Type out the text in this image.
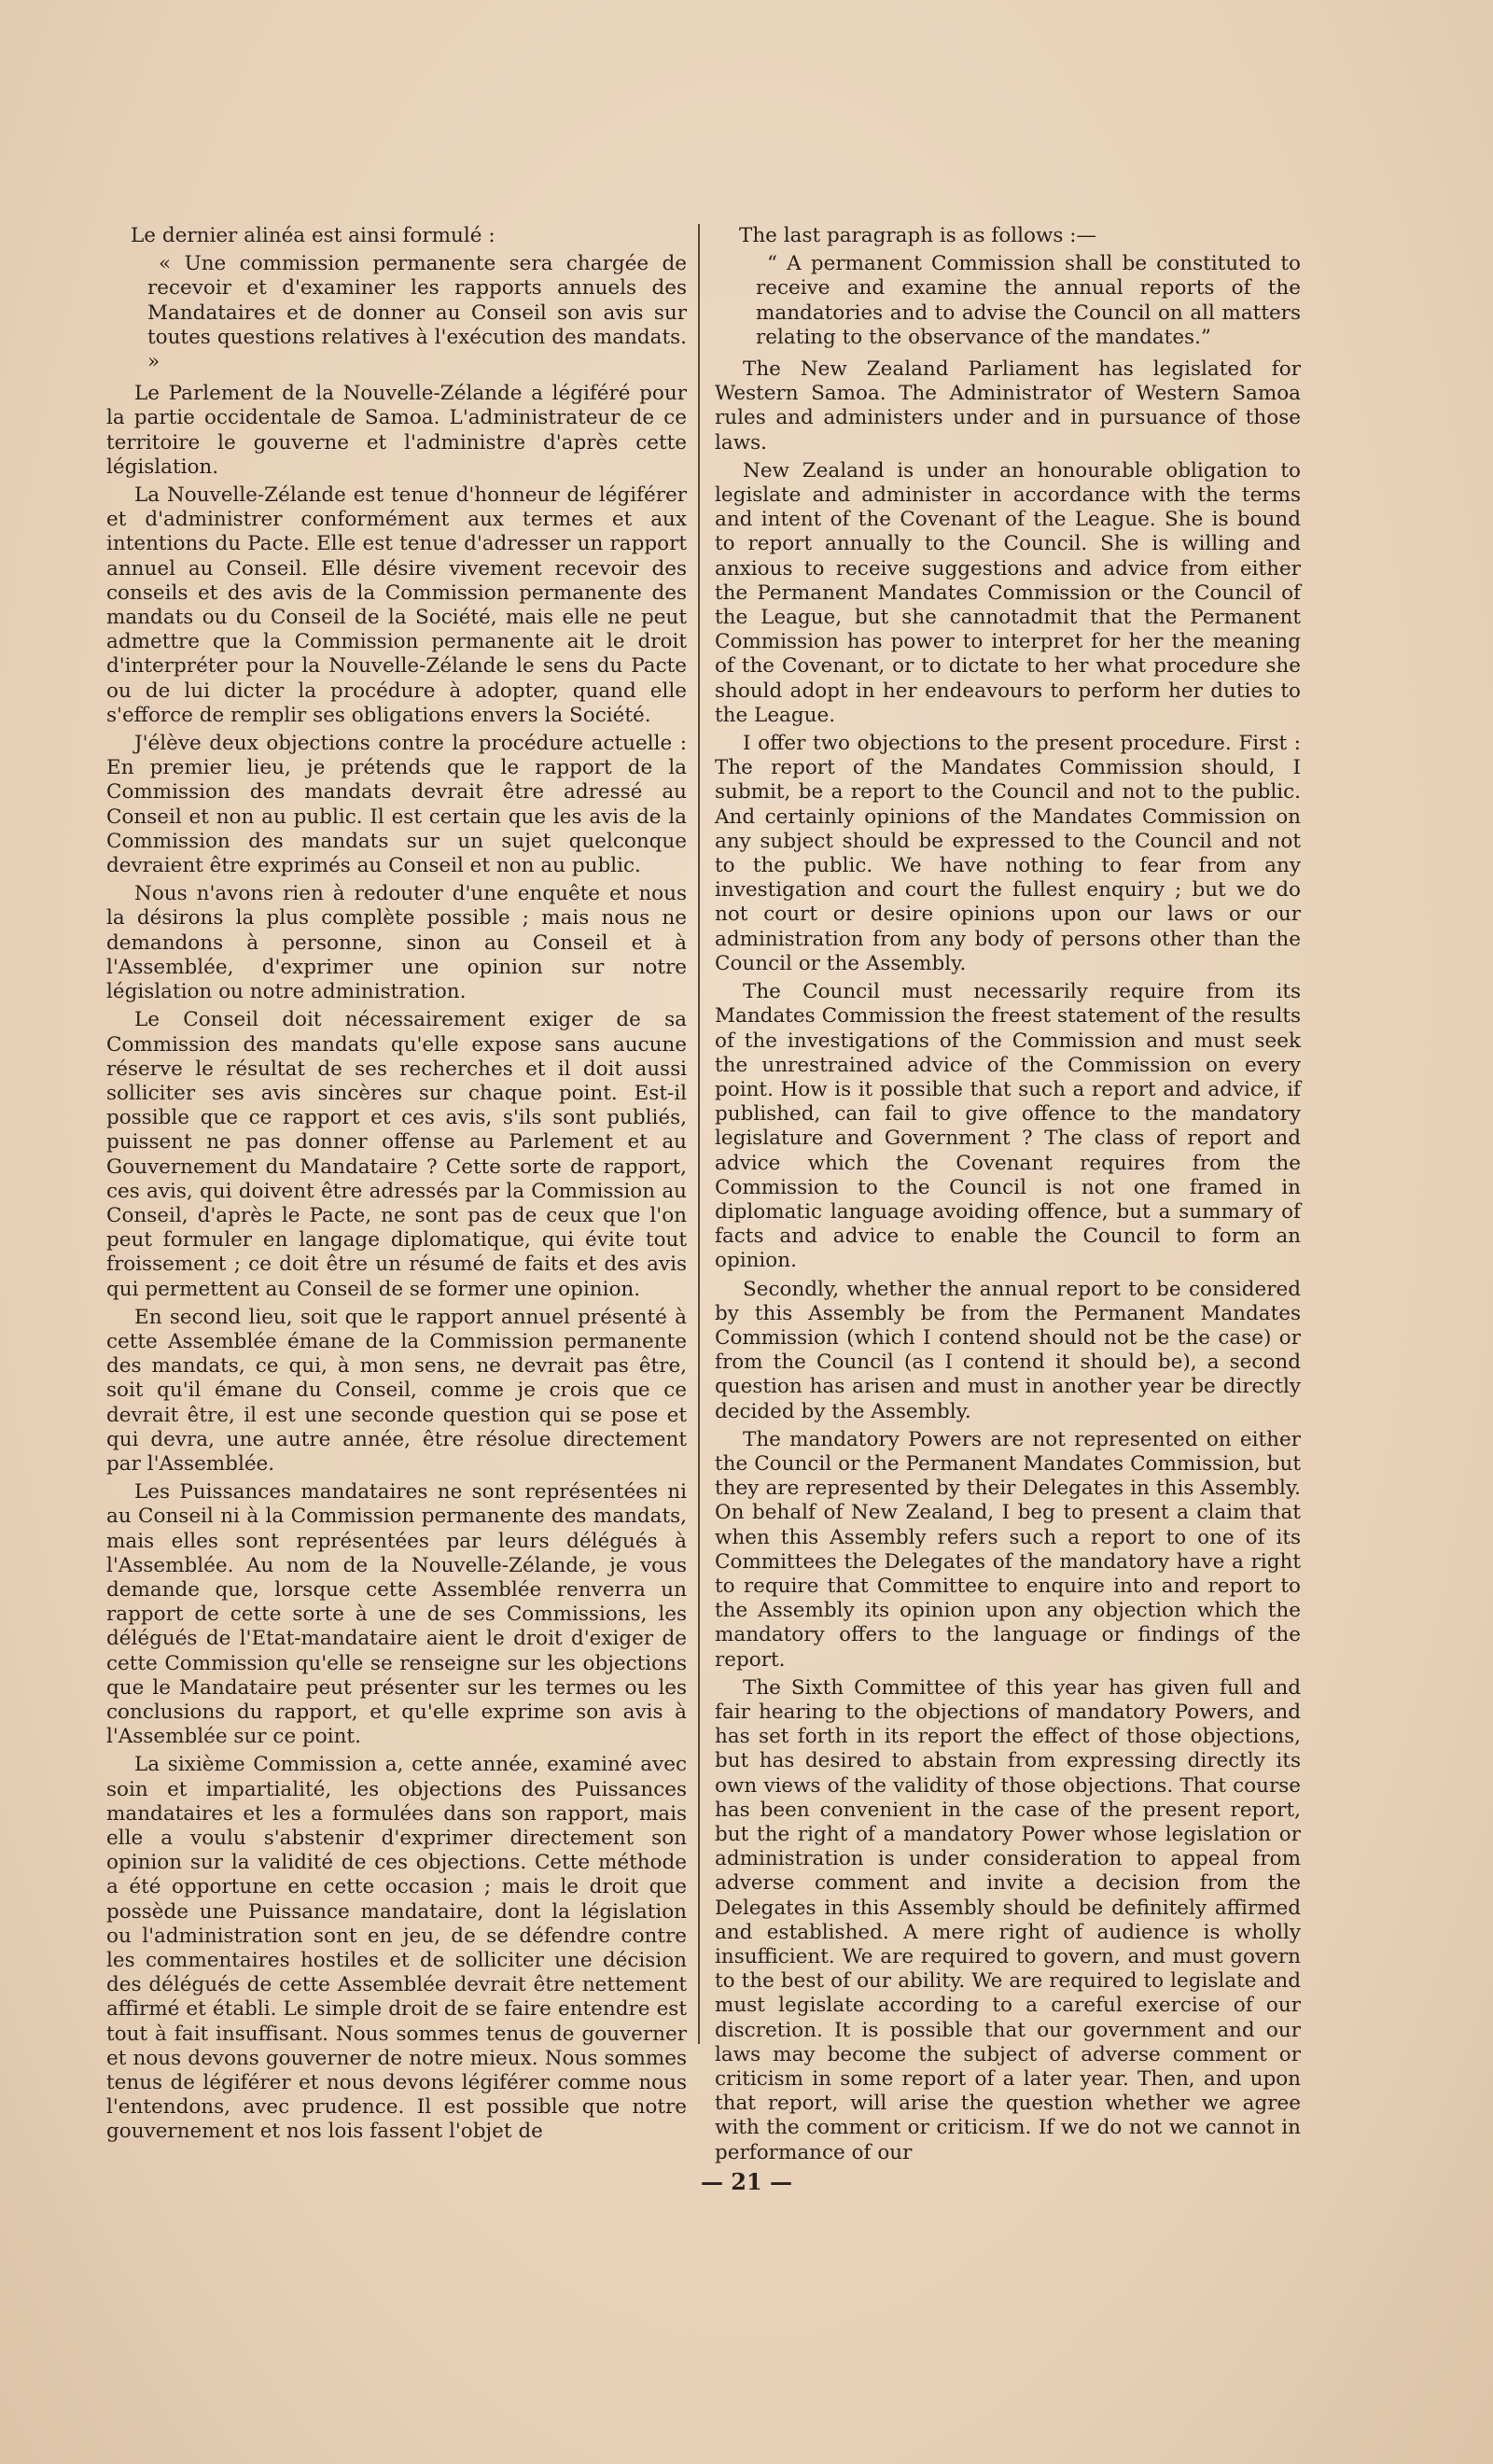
Le dernier alinéa est ainsi formulé :

« Une commission permanente sera chargée de recevoir et d'examiner les rapports annuels des Mandataires et de donner au Conseil son avis sur toutes questions relatives à l'exécution des mandats. »

Le Parlement de la Nouvelle-Zélande a légiféré pour la partie occidentale de Samoa. L'administrateur de ce territoire le gouverne et l'administre d'après cette législation.

La Nouvelle-Zélande est tenue d'honneur de légiférer et d'administrer conformément aux termes et aux intentions du Pacte. Elle est tenue d'adresser un rapport annuel au Conseil. Elle désire vivement recevoir des conseils et des avis de la Commission permanente des mandats ou du Conseil de la Société, mais elle ne peut admettre que la Commission permanente ait le droit d'interpréter pour la Nouvelle-Zélande le sens du Pacte ou de lui dicter la procédure à adopter, quand elle s'efforce de remplir ses obligations envers la Société.

J'élève deux objections contre la procédure actuelle : En premier lieu, je prétends que le rapport de la Commission des mandats devrait être adressé au Conseil et non au public. Il est certain que les avis de la Commission des mandats sur un sujet quelconque devraient être exprimés au Conseil et non au public.

Nous n'avons rien à redouter d'une enquête et nous la désirons la plus complète possible ; mais nous ne demandons à personne, sinon au Conseil et à l'Assemblée, d'exprimer une opinion sur notre législation ou notre administration.

Le Conseil doit nécessairement exiger de sa Commission des mandats qu'elle expose sans aucune réserve le résultat de ses recherches et il doit aussi solliciter ses avis sincères sur chaque point. Est-il possible que ce rapport et ces avis, s'ils sont publiés, puissent ne pas donner offense au Parlement et au Gouvernement du Mandataire ? Cette sorte de rapport, ces avis, qui doivent être adressés par la Commission au Conseil, d'après le Pacte, ne sont pas de ceux que l'on peut formuler en langage diplomatique, qui évite tout froissement ; ce doit être un résumé de faits et des avis qui permettent au Conseil de se former une opinion.

En second lieu, soit que le rapport annuel présenté à cette Assemblée émane de la Commission permanente des mandats, ce qui, à mon sens, ne devrait pas être, soit qu'il émane du Conseil, comme je crois que ce devrait être, il est une seconde question qui se pose et qui devra, une autre année, être résolue directement par l'Assemblée.

Les Puissances mandataires ne sont représentées ni au Conseil ni à la Commission permanente des mandats, mais elles sont représentées par leurs délégués à l'Assemblée. Au nom de la Nouvelle-Zélande, je vous demande que, lorsque cette Assemblée renverra un rapport de cette sorte à une de ses Commissions, les délégués de l'Etat-mandataire aient le droit d'exiger de cette Commission qu'elle se renseigne sur les objections que le Mandataire peut présenter sur les termes ou les conclusions du rapport, et qu'elle exprime son avis à l'Assemblée sur ce point.

La sixième Commission a, cette année, examiné avec soin et impartialité, les objections des Puissances mandataires et les a formulées dans son rapport, mais elle a voulu s'abstenir d'exprimer directement son opinion sur la validité de ces objections. Cette méthode a été opportune en cette occasion ; mais le droit que possède une Puissance mandataire, dont la législation ou l'administration sont en jeu, de se défendre contre les commentaires hostiles et de solliciter une décision des délégués de cette Assemblée devrait être nettement affirmé et établi. Le simple droit de se faire entendre est tout à fait insuffisant. Nous sommes tenus de gouverner et nous devons gouverner de notre mieux. Nous sommes tenus de légiférer et nous devons légiférer comme nous l'entendons, avec prudence. Il est possible que notre gouvernement et nos lois fassent l'objet de

The last paragraph is as follows :—

“ A permanent Commission shall be constituted to receive and examine the annual reports of the mandatories and to advise the Council on all matters relating to the observance of the mandates.”

The New Zealand Parliament has legislated for Western Samoa. The Administrator of Western Samoa rules and administers under and in pursuance of those laws.

New Zealand is under an honourable obligation to legislate and administer in accordance with the terms and intent of the Covenant of the League. She is bound to report annually to the Council. She is willing and anxious to receive suggestions and advice from either the Permanent Mandates Commission or the Council of the League, but she cannotadmit that the Permanent Commission has power to interpret for her the meaning of the Covenant, or to dictate to her what procedure she should adopt in her endeavours to perform her duties to the League.

I offer two objections to the present procedure. First : The report of the Mandates Commission should, I submit, be a report to the Council and not to the public. And certainly opinions of the Mandates Commission on any subject should be expressed to the Council and not to the public. We have nothing to fear from any investigation and court the fullest enquiry ; but we do not court or desire opinions upon our laws or our administration from any body of persons other than the Council or the Assembly.

The Council must necessarily require from its Mandates Commission the freest statement of the results of the investigations of the Commission and must seek the unrestrained advice of the Commission on every point. How is it possible that such a report and advice, if published, can fail to give offence to the mandatory legislature and Government ? The class of report and advice which the Covenant requires from the Commission to the Council is not one framed in diplomatic language avoiding offence, but a summary of facts and advice to enable the Council to form an opinion.

Secondly, whether the annual report to be considered by this Assembly be from the Permanent Mandates Commission (which I contend should not be the case) or from the Council (as I contend it should be), a second question has arisen and must in another year be directly decided by the Assembly.

The mandatory Powers are not represented on either the Council or the Permanent Mandates Commission, but they are represented by their Delegates in this Assembly. On behalf of New Zealand, I beg to present a claim that when this Assembly refers such a report to one of its Committees the Delegates of the mandatory have a right to require that Committee to enquire into and report to the Assembly its opinion upon any objection which the mandatory offers to the language or findings of the report.

The Sixth Committee of this year has given full and fair hearing to the objections of mandatory Powers, and has set forth in its report the effect of those objections, but has desired to abstain from expressing directly its own views of the validity of those objections. That course has been convenient in the case of the present report, but the right of a mandatory Power whose legislation or administration is under consideration to appeal from adverse comment and invite a decision from the Delegates in this Assembly should be definitely affirmed and established. A mere right of audience is wholly insufficient. We are required to govern, and must govern to the best of our ability. We are required to legislate and must legislate according to a careful exercise of our discretion. It is possible that our government and our laws may become the subject of adverse comment or criticism in some report of a later year. Then, and upon that report, will arise the question whether we agree with the comment or criticism. If we do not we cannot in performance of our

— 21 —
